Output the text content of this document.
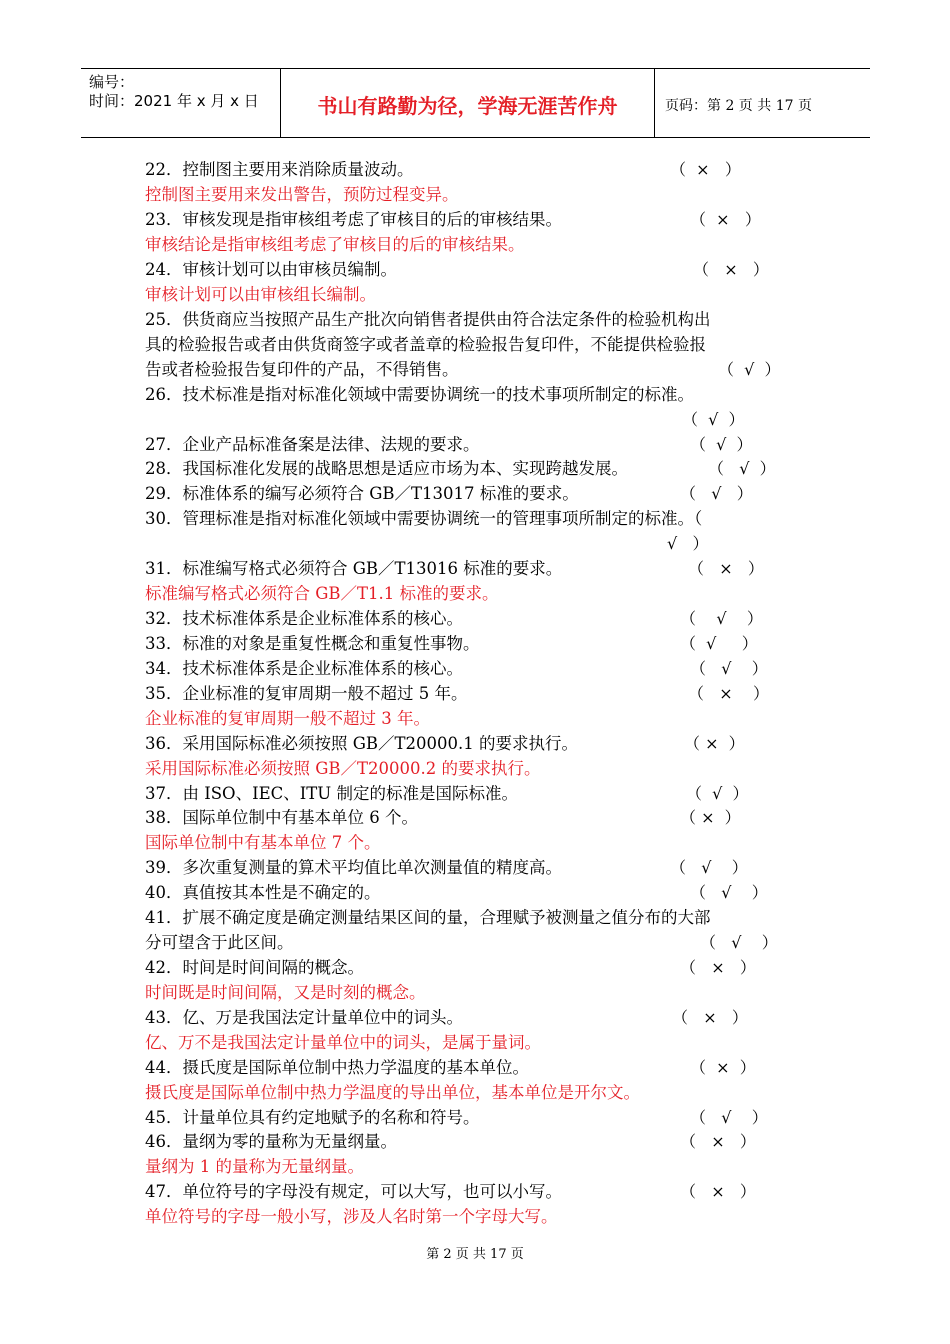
编号：
时间：2021 年 x 月 x 日	书山有路勤为径，学海无涯苦作舟	页码：第 2 页 共 17 页
22．控制图主要用来消除质量波动。	（  ×   ）
控制图主要用来发出警告，预防过程变异。
23．审核发现是指审核组考虑了审核目的后的审核结果。	（  ×   ）
审核结论是指审核组考虑了审核目的后的审核结果。
24．审核计划可以由审核员编制。	（   ×   ）
审核计划可以由审核组长编制。
25．供货商应当按照产品生产批次向销售者提供由符合法定条件的检验机构出
具的检验报告或者由供货商签字或者盖章的检验报告复印件，不能提供检验报
告或者检验报告复印件的产品，不得销售。	（  √  ）
26．技术标准是指对标准化领域中需要协调统一的技术事项所制定的标准。
（  √  ）
27．企业产品标准备案是法律、法规的要求。	（  √  ）
28．我国标准化发展的战略思想是适应市场为本、实现跨越发展。	（   √  ）
29．标准体系的编写必须符合 GB／T13017 标准的要求。	（   √   ）
30．管理标准是指对标准化领域中需要协调统一的管理事项所制定的标准。（
√   ）
31．标准编写格式必须符合 GB／T13016 标准的要求。	（   ×   ）
标准编写格式必须符合 GB／T1.1 标准的要求。
32．技术标准体系是企业标准体系的核心。	（    √    ）
33．标准的对象是重复性概念和重复性事物。	（  √     ）
34．技术标准体系是企业标准体系的核心。	（   √    ）
35．企业标准的复审周期一般不超过 5 年。	（   ×    ）
企业标准的复审周期一般不超过 3 年。
36．采用国际标准必须按照 GB／T20000.1 的要求执行。	（ ×  ）
采用国际标准必须按照 GB／T20000.2 的要求执行。
37．由 ISO、IEC、ITU 制定的标准是国际标准。	（  √  ）
38．国际单位制中有基本单位 6 个。	（ ×  ）
国际单位制中有基本单位 7 个。
39．多次重复测量的算术平均值比单次测量值的精度高。	（   √    ）
40．真值按其本性是不确定的。	（   √    ）
41．扩展不确定度是确定测量结果区间的量，合理赋予被测量之值分布的大部
分可望含于此区间。	（   √    ）
42．时间是时间间隔的概念。	（   ×   ）
时间既是时间间隔，又是时刻的概念。
43．亿、万是我国法定计量单位中的词头。	（   ×   ）
亿、万不是我国法定计量单位中的词头，是属于量词。
44．摄氏度是国际单位制中热力学温度的基本单位。	（  ×  ）
摄氏度是国际单位制中热力学温度的导出单位，基本单位是开尔文。
45．计量单位具有约定地赋予的名称和符号。	（   √    ）
46．量纲为零的量称为无量纲量。	（   ×   ）
量纲为 1 的量称为无量纲量。
47．单位符号的字母没有规定，可以大写，也可以小写。	（   ×   ）
单位符号的字母一般小写，涉及人名时第一个字母大写。
第 2 页 共 17 页
